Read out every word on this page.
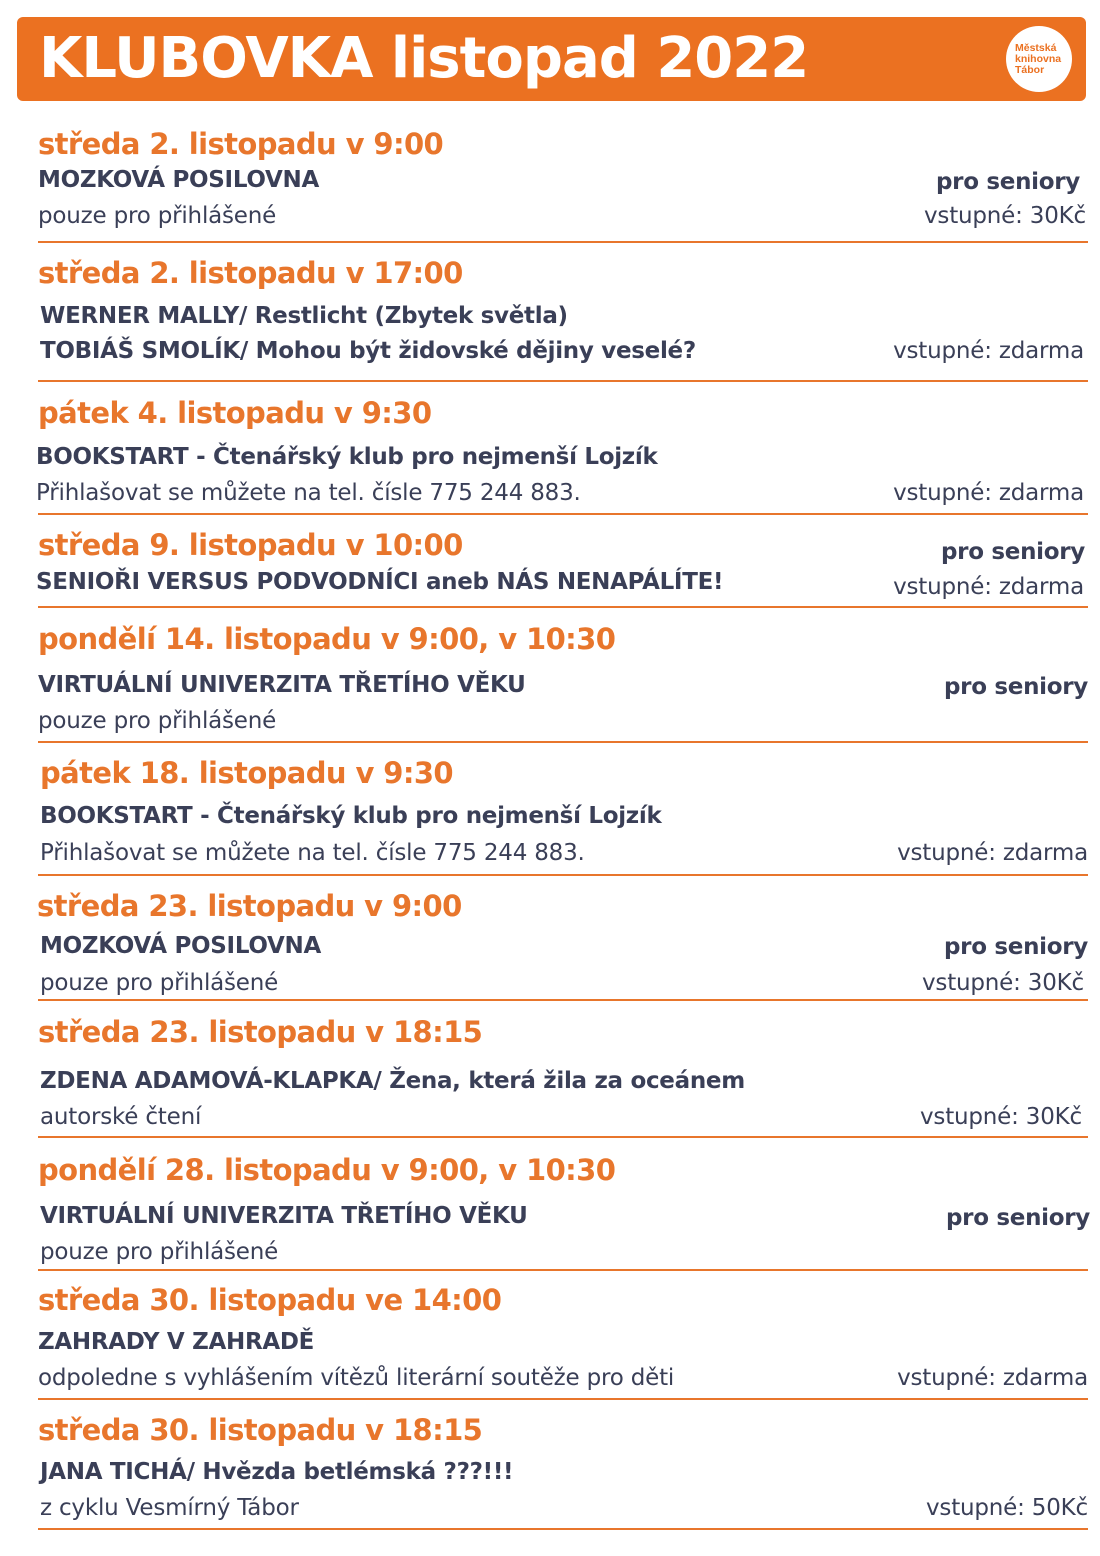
KLUBOVKA listopad 2022	Městská
knihovna
Tábor
středa 2. listopadu v 9:00
MOZKOVÁ POSILOVNA	pro seniory
pouze pro přihlášené	vstupné: 30Kč
středa 2. listopadu v 17:00
WERNER MALLY/ Restlicht (Zbytek světla)
TOBIÁŠ SMOLÍK/ Mohou být židovské dějiny veselé?	vstupné: zdarma
pátek 4. listopadu v 9:30
BOOKSTART - Čtenářský klub pro nejmenší Lojzík
Přihlašovat se můžete na tel. čísle 775 244 883.	vstupné: zdarma
středa 9. listopadu v 10:00	pro seniory
SENIOŘI VERSUS PODVODNÍCI aneb NÁS NENAPÁLÍTE!	vstupné: zdarma
pondělí 14. listopadu v 9:00, v 10:30
VIRTUÁLNÍ UNIVERZITA TŘETÍHO VĚKU	pro seniory
pouze pro přihlášené
pátek 18. listopadu v 9:30
BOOKSTART - Čtenářský klub pro nejmenší Lojzík
Přihlašovat se můžete na tel. čísle 775 244 883.	vstupné: zdarma
středa 23. listopadu v 9:00
MOZKOVÁ POSILOVNA	pro seniory
pouze pro přihlášené	vstupné: 30Kč
středa 23. listopadu v 18:15
ZDENA ADAMOVÁ-KLAPKA/ Žena, která žila za oceánem
autorské čtení	vstupné: 30Kč
pondělí 28. listopadu v 9:00, v 10:30
VIRTUÁLNÍ UNIVERZITA TŘETÍHO VĚKU	pro seniory
pouze pro přihlášené
středa 30. listopadu ve 14:00
ZAHRADY V ZAHRADĚ
odpoledne s vyhlášením vítězů literární soutěže pro děti	vstupné: zdarma
středa 30. listopadu v 18:15
JANA TICHÁ/ Hvězda betlémská ???!!!
z cyklu Vesmírný Tábor	vstupné: 50Kč
